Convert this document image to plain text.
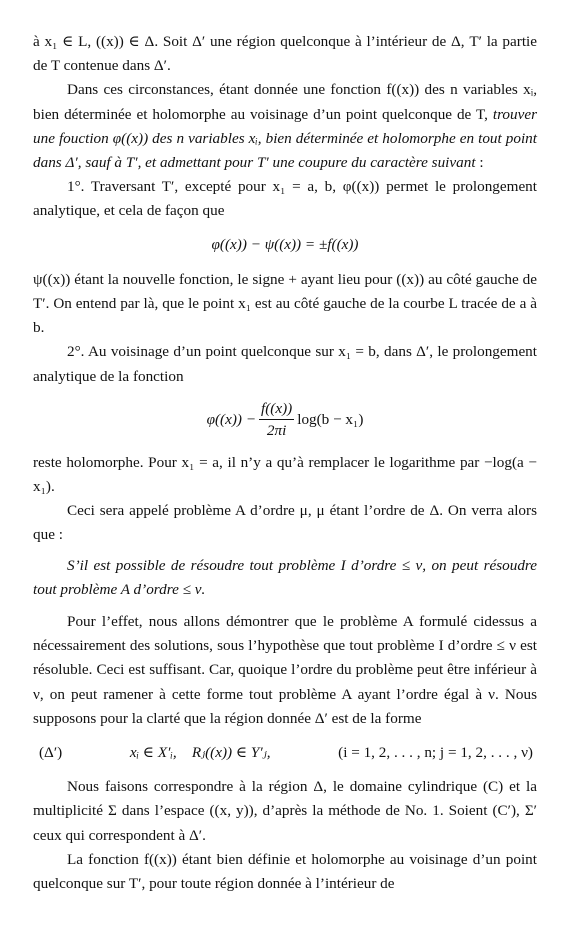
à x₁ ∈ L, ((x)) ∈ Δ. Soit Δ′ une région quelconque à l’intérieur de Δ, T′ la partie de T contenue dans Δ′.

Dans ces circonstances, étant donnée une fonction f((x)) des n variables xᵢ, bien déterminée et holomorphe au voisinage d’un point quelconque de T, trouver une fouction φ((x)) des n variables xᵢ, bien déterminée et holomorphe en tout point dans Δ′, sauf à T′, et admettant pour T′ une coupure du caractère suivant :

1°. Traversant T′, excepté pour x₁ = a, b, φ((x)) permet le prolongement analytique, et cela de façon que

φ((x)) − ψ((x)) = ±f((x))

ψ((x)) étant la nouvelle fonction, le signe + ayant lieu pour ((x)) au côté gauche de T′. On entend par là, que le point x₁ est au côté gauche de la courbe L tracée de a à b.

2°. Au voisinage d’un point quelconque sur x₁ = b, dans Δ′, le prolongement analytique de la fonction

$\varphi((x)) - \frac{f((x))}{2\pi i} \log(b - x_1)$

reste holomorphe. Pour x₁ = a, il n’y a qu’à remplacer le logarithme par −log(a − x₁).

Ceci sera appelé problème A d’ordre μ, μ étant l’ordre de Δ. On verra alors que :

S’il est possible de résoudre tout problème I d’ordre ≤ ν, on peut résoudre tout problème A d’ordre ≤ ν.

Pour l’effet, nous allons démontrer que le problème A formulé cidessus a nécessairement des solutions, sous l’hypothèse que tout problème I d’ordre ≤ ν est résoluble. Ceci est suffisant. Car, quoique l’ordre du problème peut être inférieur à ν, on peut ramener à cette forme tout problème A ayant l’ordre égal à ν. Nous supposons pour la clarté que la région donnée Δ′ est de la forme

(Δ′)	xᵢ ∈ X′ᵢ,    Rⱼ((x)) ∈ Y′ⱼ,	(i = 1, 2, . . . , n; j = 1, 2, . . . , ν)

Nous faisons correspondre à la région Δ, le domaine cylindrique (C) et la multiplicité Σ dans l’espace ((x, y)), d’après la méthode de No. 1. Soient (C′), Σ′ ceux qui correspondent à Δ′.

La fonction f((x)) étant bien définie et holomorphe au voisinage d’un point quelconque sur T′, pour toute région donnée à l’intérieur de
